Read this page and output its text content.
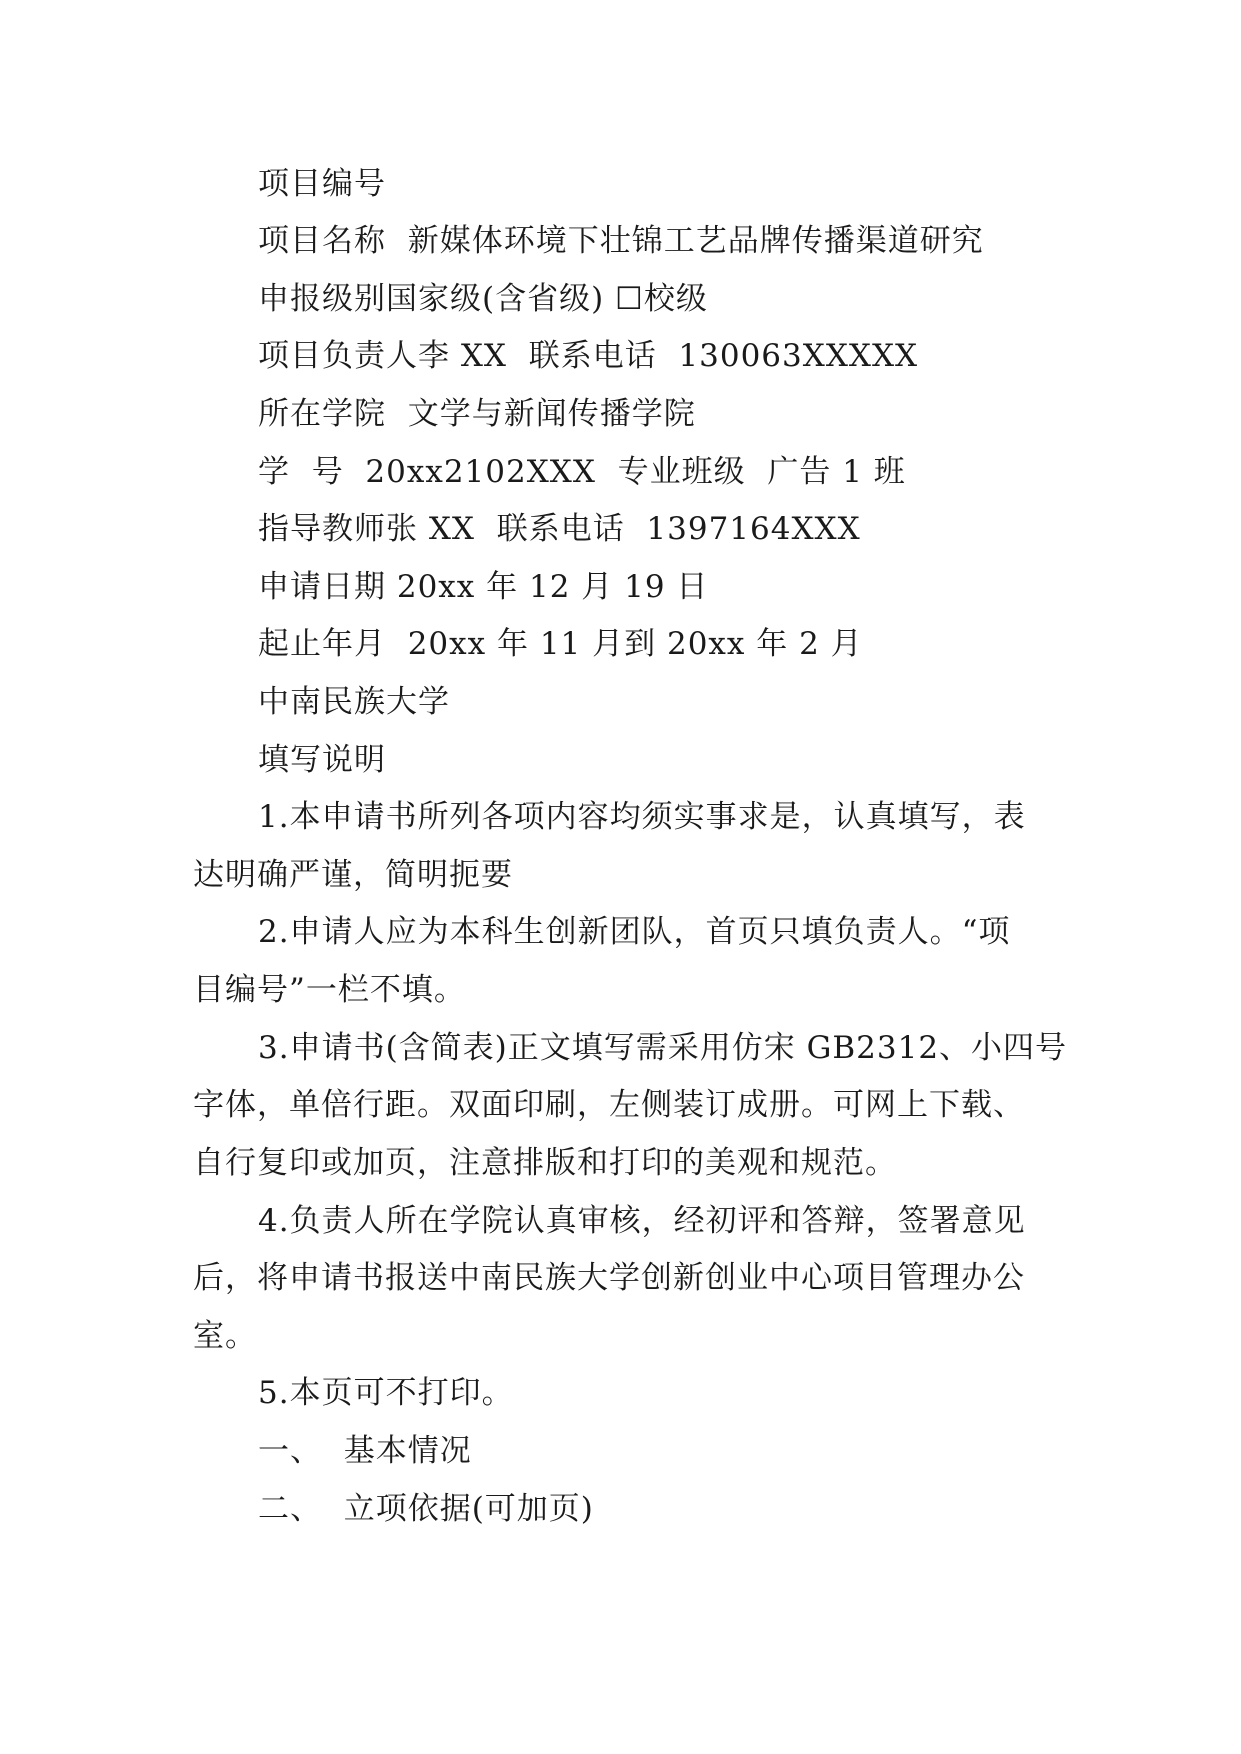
项目编号
项目名称  新媒体环境下壮锦工艺品牌传播渠道研究
申报级别国家级(含省级) ☐校级
项目负责人李 XX  联系电话  130063XXXXX
所在学院  文学与新闻传播学院
学  号  20xx2102XXX  专业班级  广告 1 班
指导教师张 XX  联系电话  1397164XXX
申请日期 20xx 年 12 月 19 日
起止年月  20xx 年 11 月到 20xx 年 2 月
中南民族大学
填写说明
1.本申请书所列各项内容均须实事求是，认真填写，表
达明确严谨，简明扼要
2.申请人应为本科生创新团队，首页只填负责人。“项
目编号”一栏不填。
3.申请书(含简表)正文填写需采用仿宋 GB2312、小四号
字体，单倍行距。双面印刷，左侧装订成册。可网上下载、
自行复印或加页，注意排版和打印的美观和规范。
4.负责人所在学院认真审核，经初评和答辩，签署意见
后，将申请书报送中南民族大学创新创业中心项目管理办公
室。
5.本页可不打印。
一、  基本情况
二、  立项依据(可加页)
